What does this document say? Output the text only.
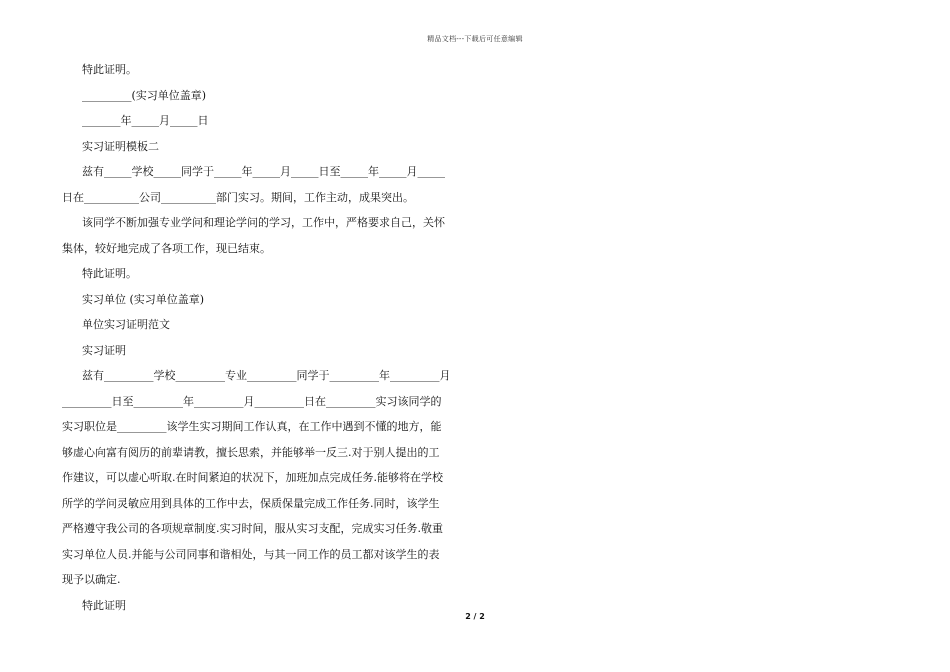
精品文档---下载后可任意编辑
特此证明。
_________(实习单位盖章)
_______年_____月_____日
实习证明模板二
兹有_____学校_____同学于_____年_____月_____日至_____年_____月_____
日在__________公司__________部门实习。期间，工作主动，成果突出。
该同学不断加强专业学问和理论学问的学习，工作中，严格要求自己，关怀
集体，较好地完成了各项工作，现已结束。
特此证明。
实习单位 (实习单位盖章)
单位实习证明范文
实习证明
兹有_________学校_________专业_________同学于_________年_________月
_________日至_________年_________月_________日在_________实习该同学的
实习职位是_________该学生实习期间工作认真，在工作中遇到不懂的地方，能
够虚心向富有阅历的前辈请教，擅长思索，并能够举一反三.对于别人提出的工
作建议，可以虚心听取.在时间紧迫的状况下，加班加点完成任务.能够将在学校
所学的学问灵敏应用到具体的工作中去，保质保量完成工作任务.同时，该学生
严格遵守我公司的各项规章制度.实习时间，服从实习支配，完成实习任务.敬重
实习单位人员.并能与公司同事和谐相处，与其一同工作的员工都对该学生的表
现予以确定.
特此证明
2 / 2
